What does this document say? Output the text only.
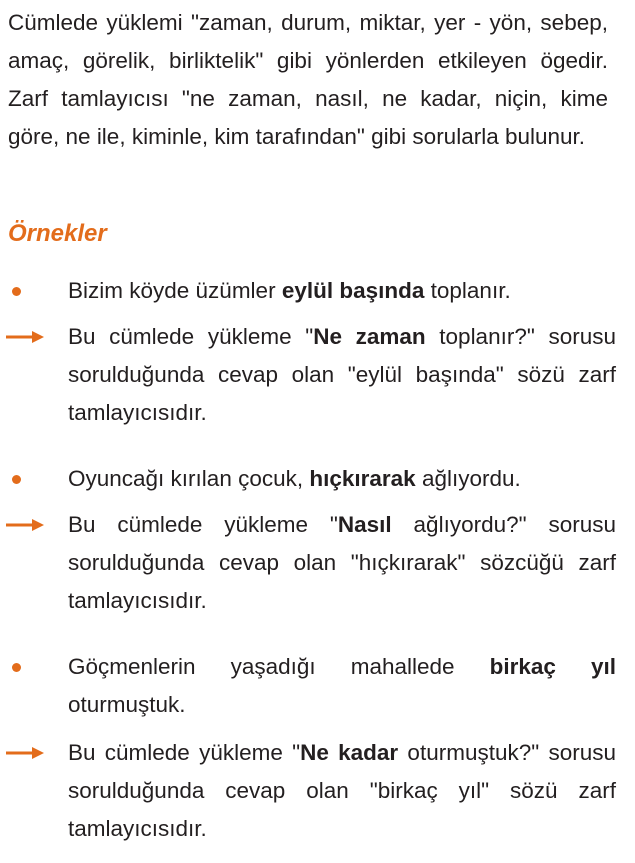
Cümlede yüklemi "zaman, durum, miktar, yer - yön, sebep, amaç, görelik, birliktelik" gibi yönlerden etkileyen ögedir. Zarf tamlayıcısı "ne zaman, nasıl, ne kadar, niçin, kime göre, ne ile, kiminle, kim tarafından" gibi sorularla bulunur.

Örnekler
Bizim köyde üzümler eylül başında toplanır.
Bu cümlede yükleme "Ne zaman toplanır?" sorusu sorulduğunda cevap olan "eylül başında" sözü zarf tamlayıcısıdır.
Oyuncağı kırılan çocuk, hıçkırarak ağlıyordu.
Bu cümlede yükleme "Nasıl ağlıyordu?" sorusu sorulduğunda cevap olan "hıçkırarak" sözcüğü zarf tamlayıcısıdır.
Göçmenlerin yaşadığı mahallede birkaç yıl oturmuştuk.
Bu cümlede yükleme "Ne kadar oturmuştuk?" sorusu sorulduğunda cevap olan "birkaç yıl" sözü zarf tamlayıcısıdır.
